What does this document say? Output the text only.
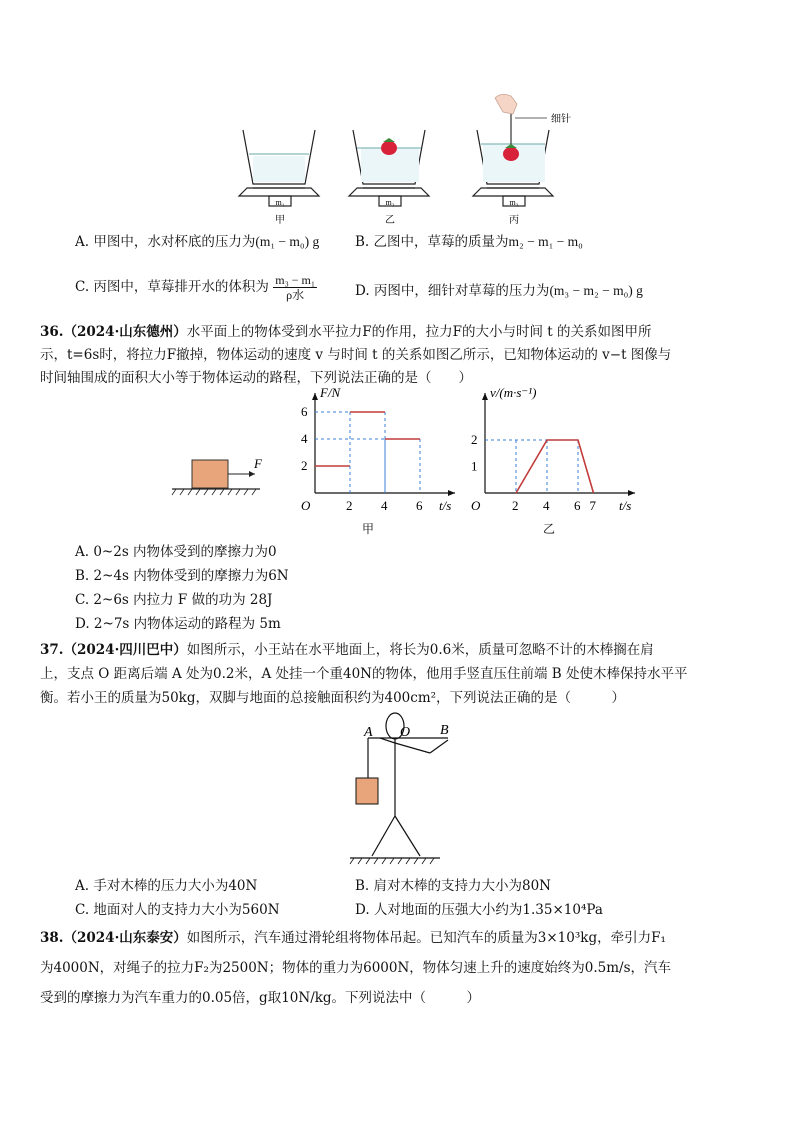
m₁	m₂	m₃
细针
甲	乙	丙
A. 甲图中，水对杯底的压力为(m₁ − m₀) g	B. 乙图中，草莓的质量为m₂ − m₁ − m₀
C. 丙图中，草莓排开水的体积为 $\frac{\text{m₃ − m₁}}{\text{ρ水}}$	D. 丙图中，细针对草莓的压力为(m₃ − m₂ − m₀) g
36.（2024·山东德州）水平面上的物体受到水平拉力F的作用，拉力F的大小与时间 t 的关系如图甲所
示，t=6s时，将拉力F撤掉，物体运动的速度 v 与时间 t 的关系如图乙所示，已知物体运动的 v−t 图像与
时间轴围成的面积大小等于物体运动的路程，下列说法正确的是（　　）
F
F/N
t/s
2
4
6
O	2 4 6
甲
v/(m·s⁻¹)
t/s
1
2
O 2 4 6 7
乙
A. 0~2s 内物体受到的摩擦力为0
B. 2~4s 内物体受到的摩擦力为6N
C. 2~6s 内拉力 F 做的功为 28J
D. 2~7s 内物体运动的路程为 5m
37.（2024·四川巴中）如图所示，小王站在水平地面上，将长为0.6米，质量可忽略不计的木棒搁在肩
上，支点 O 距离后端 A 处为0.2米，A 处挂一个重40N的物体，他用手竖直压住前端 B 处使木棒保持水平平
衡。若小王的质量为50kg，双脚与地面的总接触面积约为400cm²，下列说法正确的是（　　　）
A O B
A. 手对木棒的压力大小为40N	B. 肩对木棒的支持力大小为80N
C. 地面对人的支持力大小为560N	D. 人对地面的压强大小约为1.35×10⁴Pa
38.（2024·山东泰安）如图所示，汽车通过滑轮组将物体吊起。已知汽车的质量为3×10³kg，牵引力F₁
为4000N，对绳子的拉力F₂为2500N；物体的重力为6000N，物体匀速上升的速度始终为0.5m/s，汽车
受到的摩擦力为汽车重力的0.05倍，g取10N/kg。下列说法中（　　　）
